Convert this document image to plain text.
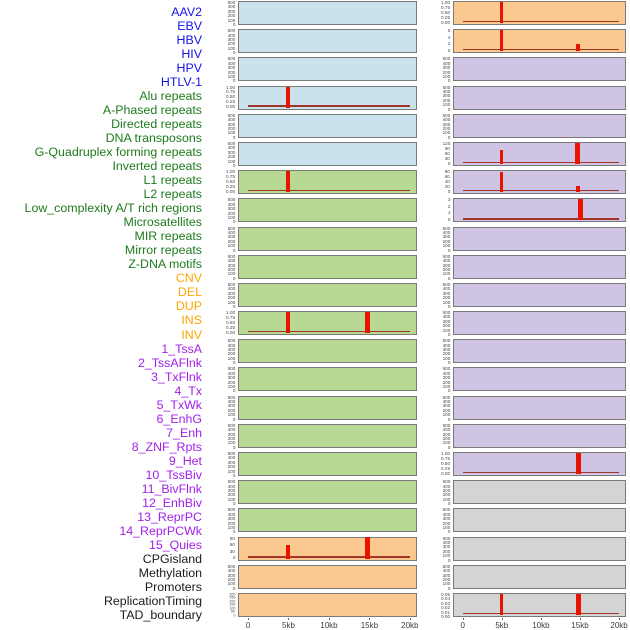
AAV2
EBV
HBV
HIV
HPV
HTLV-1
Alu repeats
A-Phased repeats
Directed repeats
DNA transposons
G-Quadruplex forming repeats
Inverted repeats
L1 repeats
L2 repeats
Low_complexity A/T rich regions
Microsatellites
MIR repeats
Mirror repeats
Z-DNA motifs
CNV
DEL
DUP
INS
INV
1_TssA
2_TssAFlnk
3_TxFlnk
4_Tx
5_TxWk
6_EnhG
7_Enh
8_ZNF_Rpts
9_Het
10_TssBiv
11_BivFlnk
12_EnhBiv
13_ReprPC
14_ReprPCWk
15_Quies
CPGisland
Methylation
Promoters
ReplicationTiming
TAD_boundary
500
400
300
200
100
0
500
400
300
200
100
0
500
400
300
200
100
0
1.00
0.75
0.50
0.25
0.00
500
400
300
200
100
0
500
400
300
200
100
0
1.00
0.75
0.50
0.25
0.00
500
400
300
200
100
0
500
400
300
200
100
0
500
400
300
200
100
0
500
400
300
200
100
0
1.00
0.75
0.50
0.25
0.00
500
400
300
200
100
0
500
400
300
200
100
0
500
400
300
200
100
0
500
400
300
200
100
0
500
400
300
200
100
0
500
400
300
200
100
0
500
400
300
200
100
0
90
60
30
0
500
400
300
200
100
0
300
250
200
150
100
50
0
1.00
0.75
0.50
0.25
0.00
6
4
2
0
500
400
300
200
100
0
500
400
300
200
100
0
500
400
300
200
100
0
120
90
60
30
0
80
60
40
20
0
3
2
1
0
500
400
300
200
100
0
500
400
300
200
100
0
500
400
300
200
100
0
500
400
300
200
100
0
500
400
300
200
100
0
500
400
300
200
100
0
500
400
300
200
100
0
500
400
300
200
100
0
1.00
0.75
0.50
0.25
0.00
500
400
300
200
100
0
500
400
300
200
100
0
500
400
300
200
100
0
500
400
300
200
100
0
0.05
0.04
0.03
0.02
0.01
0.00
0	5kb	10kb	15kb	20kb	0	5kb	10kb	15kb	20kb
